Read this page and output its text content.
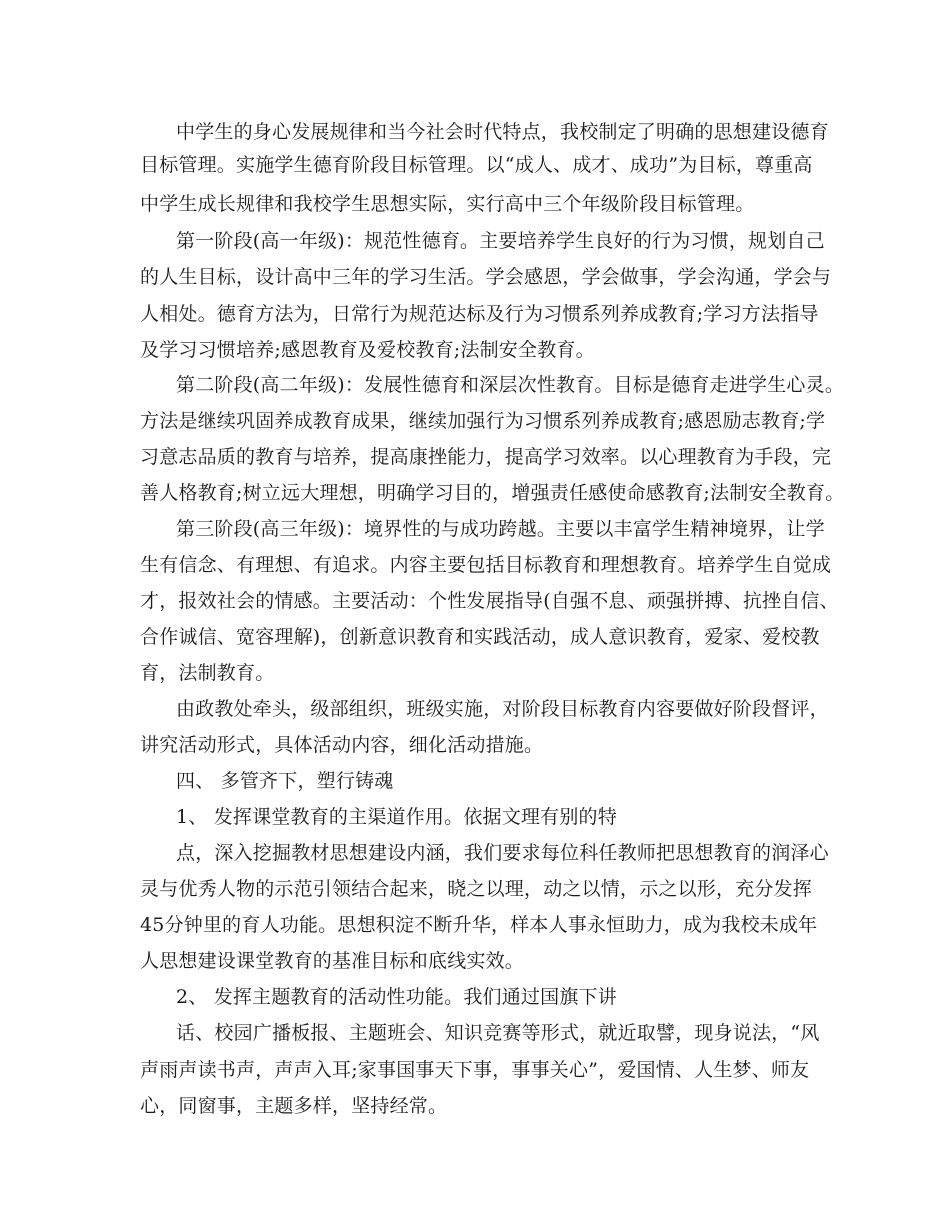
中学生的身心发展规律和当今社会时代特点，我校制定了明确的思想建设德育
目标管理。实施学生德育阶段目标管理。以“成人、成才、成功”为目标，尊重高
中学生成长规律和我校学生思想实际，实行高中三个年级阶段目标管理。
第一阶段(高一年级)：规范性德育。主要培养学生良好的行为习惯，规划自己
的人生目标，设计高中三年的学习生活。学会感恩，学会做事，学会沟通，学会与
人相处。德育方法为，日常行为规范达标及行为习惯系列养成教育;学习方法指导
及学习习惯培养;感恩教育及爱校教育;法制安全教育。
第二阶段(高二年级)：发展性德育和深层次性教育。目标是德育走进学生心灵。
方法是继续巩固养成教育成果，继续加强行为习惯系列养成教育;感恩励志教育;学
习意志品质的教育与培养，提高康挫能力，提高学习效率。以心理教育为手段，完
善人格教育;树立远大理想，明确学习目的，增强责任感使命感教育;法制安全教育。
第三阶段(高三年级)：境界性的与成功跨越。主要以丰富学生精神境界，让学
生有信念、有理想、有追求。内容主要包括目标教育和理想教育。培养学生自觉成
才，报效社会的情感。主要活动：个性发展指导(自强不息、顽强拼搏、抗挫自信、
合作诚信、宽容理解)，创新意识教育和实践活动，成人意识教育，爱家、爱校教
育，法制教育。
由政教处牵头，级部组织，班级实施，对阶段目标教育内容要做好阶段督评，
讲究活动形式，具体活动内容，细化活动措施。
四、 多管齐下，塑行铸魂
1、 发挥课堂教育的主渠道作用。依据文理有别的特
点，深入挖掘教材思想建设内涵，我们要求每位科任教师把思想教育的润泽心
灵与优秀人物的示范引领结合起来，晓之以理，动之以情，示之以形，充分发挥
45分钟里的育人功能。思想积淀不断升华，样本人事永恒助力，成为我校未成年
人思想建设课堂教育的基准目标和底线实效。
2、 发挥主题教育的活动性功能。我们通过国旗下讲
话、校园广播板报、主题班会、知识竞赛等形式，就近取譬，现身说法，“风
声雨声读书声，声声入耳;家事国事天下事，事事关心”，爱国情、人生梦、师友
心，同窗事，主题多样，坚持经常。
